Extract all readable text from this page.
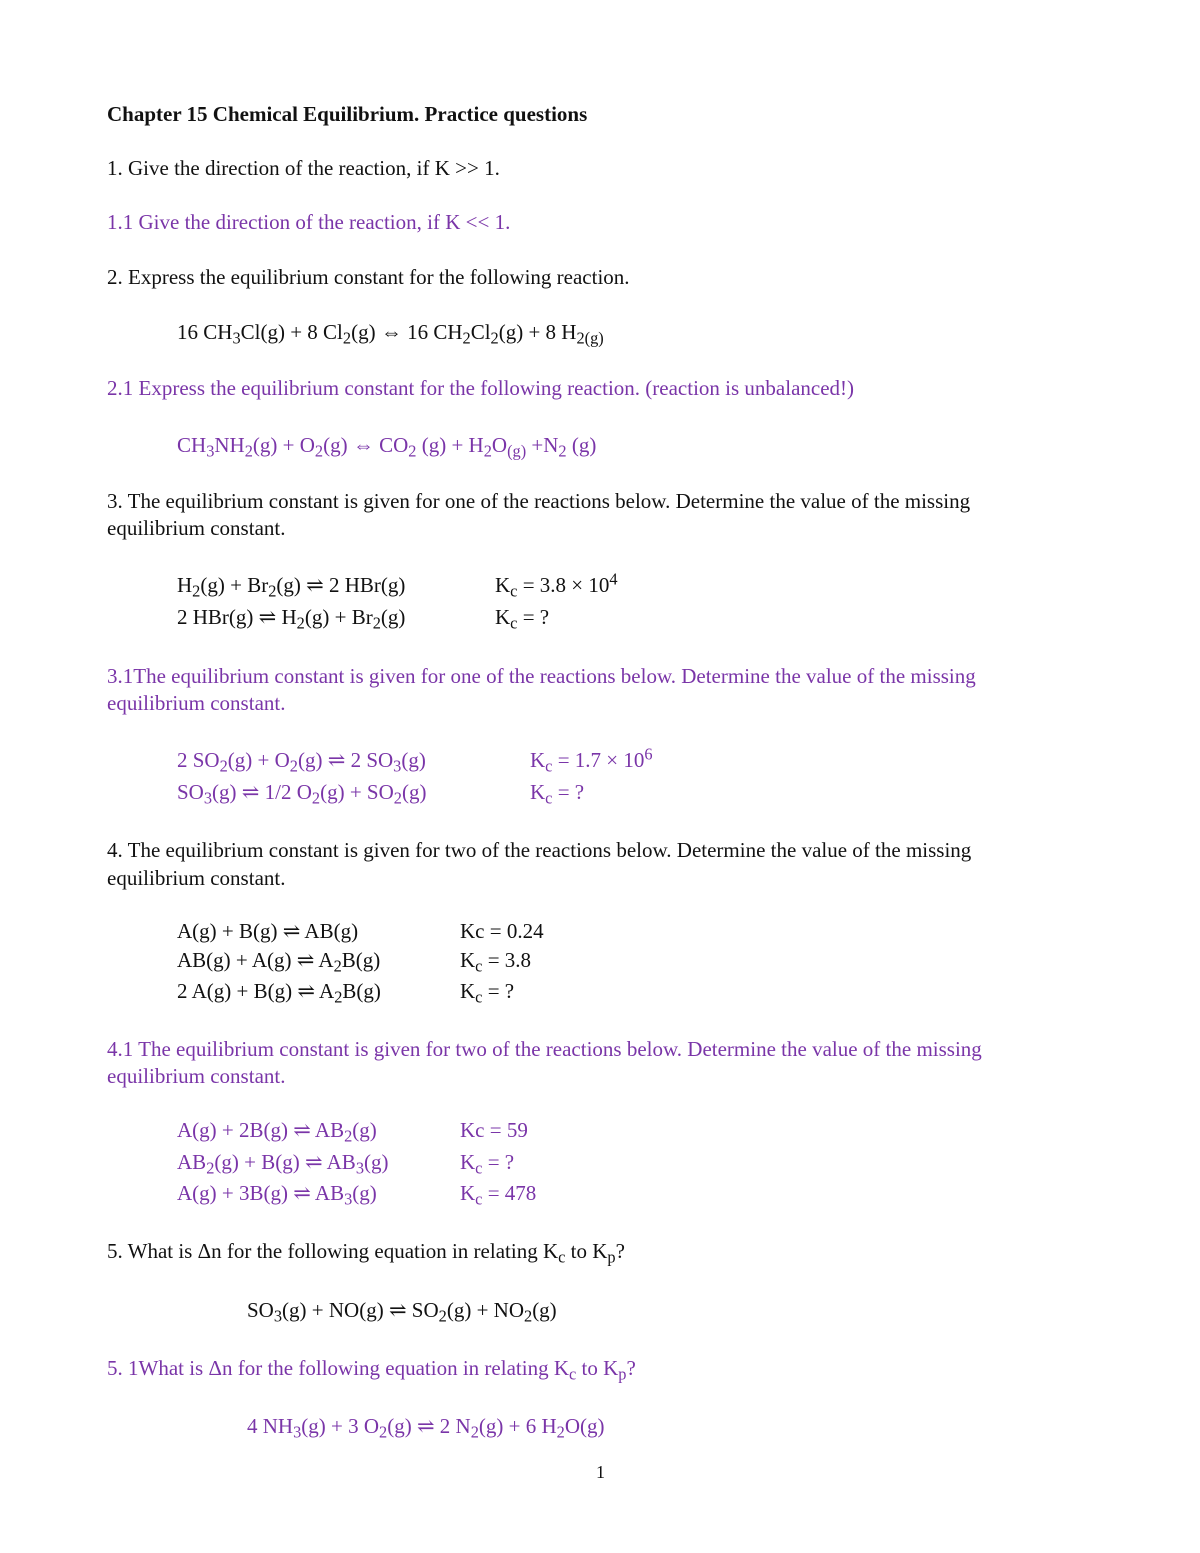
Chapter 15 Chemical Equilibrium. Practice questions
1. Give the direction of the reaction, if K >> 1.
1.1 Give the direction of the reaction, if K << 1.
2. Express the equilibrium constant for the following reaction.
16 $CH_3Cl(g) + 8$ $Cl_2(g)$ ⇔ 16 $CH_2Cl_2(g) + 8$ $H_{2(g)}$
2.1 Express the equilibrium constant for the following reaction. (reaction is unbalanced!)
$CH_3NH_2(g) + O_2(g)$ ⇔ $CO_2$ $(g) + H_2O_{(g)} +N_2$ (g)
3. The equilibrium constant is given for one of the reactions below. Determine the value of the missing
equilibrium constant.
$H_2(g) + Br_2(g)$ ⇌ 2 HBr(g)	$K_c = 3.8 \times 10^4$
2 HBr(g) ⇌ $H_2(g) + Br_2(g)$	$K_c$ = ?
3.1The equilibrium constant is given for one of the reactions below. Determine the value of the missing
equilibrium constant.
2 $SO_2(g) + O_2(g)$ ⇌ 2 $SO_3(g)$	$K_c = 1.7 \times 10^6$
$SO_3(g)$ ⇌ 1/2 $O_2(g) + SO_2(g)$	$K_c$ = ?
4. The equilibrium constant is given for two of the reactions below. Determine the value of the missing
equilibrium constant.
A(g) + B(g) ⇌ AB(g)	Kc = 0.24
AB(g) + A(g) ⇌ $A_2B(g)$	$K_c = 3.8$
2 A(g) + B(g) ⇌ $A_2B(g)$	$K_c$ = ?
4.1 The equilibrium constant is given for two of the reactions below. Determine the value of the missing
equilibrium constant.
A(g) + 2B(g) ⇌ $AB_2(g)$	Kc = 59
$AB_2(g) + B(g)$ ⇌ $AB_3(g)$	$K_c$ = ?
A(g) + 3B(g) ⇌ $AB_3(g)$	$K_c = 478$
5. What is Δn for the following equation in relating $K_c$ to $K_p$?
$SO_3(g) + NO(g)$ ⇌ $SO_2(g) + NO_2(g)$
5. 1What is Δn for the following equation in relating $K_c$ to $K_p$?
4 $NH_3(g) + 3$ $O_2(g)$ ⇌ 2 $N_2(g) + 6$ $H_2O(g)$
1
